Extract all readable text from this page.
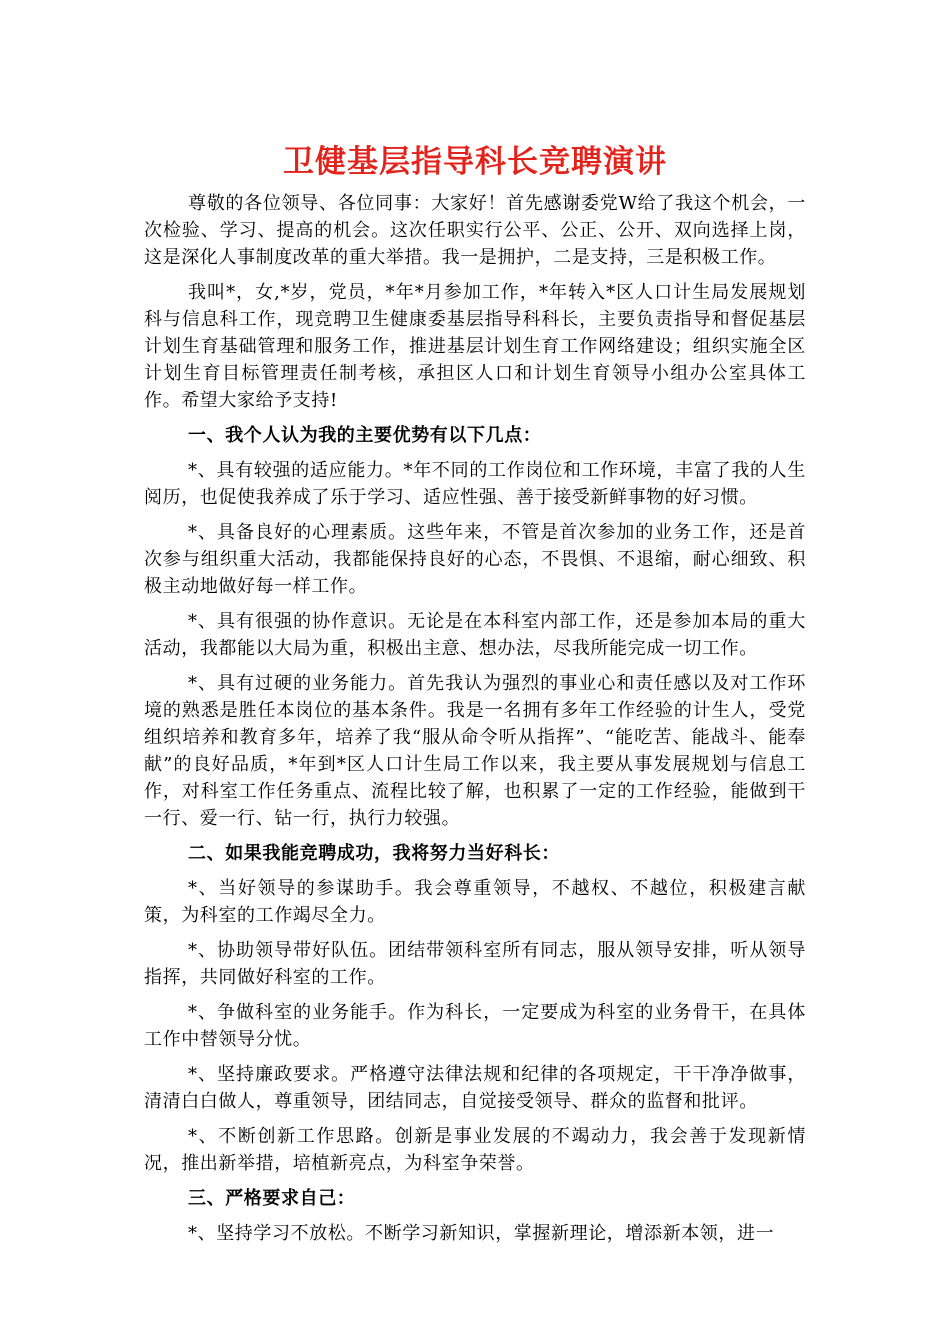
卫健基层指导科长竞聘演讲

尊敬的各位领导、各位同事：大家好！首先感谢委党W给了我这个机会，一次检验、学习、提高的机会。这次任职实行公平、公正、公开、双向选择上岗，这是深化人事制度改革的重大举措。我一是拥护，二是支持，三是积极工作。

我叫*，女,*岁，党员，*年*月参加工作，*年转入*区人口计生局发展规划科与信息科工作，现竞聘卫生健康委基层指导科科长，主要负责指导和督促基层计划生育基础管理和服务工作，推进基层计划生育工作网络建设；组织实施全区计划生育目标管理责任制考核，承担区人口和计划生育领导小组办公室具体工作。希望大家给予支持!

一、我个人认为我的主要优势有以下几点：

*、具有较强的适应能力。*年不同的工作岗位和工作环境，丰富了我的人生阅历，也促使我养成了乐于学习、适应性强、善于接受新鲜事物的好习惯。

*、具备良好的心理素质。这些年来，不管是首次参加的业务工作，还是首次参与组织重大活动，我都能保持良好的心态，不畏惧、不退缩，耐心细致、积极主动地做好每一样工作。

*、具有很强的协作意识。无论是在本科室内部工作，还是参加本局的重大活动，我都能以大局为重，积极出主意、想办法，尽我所能完成一切工作。

*、具有过硬的业务能力。首先我认为强烈的事业心和责任感以及对工作环境的熟悉是胜任本岗位的基本条件。我是一名拥有多年工作经验的计生人，受党组织培养和教育多年，培养了我“服从命令听从指挥”、“能吃苦、能战斗、能奉献”的良好品质，*年到*区人口计生局工作以来，我主要从事发展规划与信息工作，对科室工作任务重点、流程比较了解，也积累了一定的工作经验，能做到干一行、爱一行、钻一行，执行力较强。

二、如果我能竞聘成功，我将努力当好科长：

*、当好领导的参谋助手。我会尊重领导，不越权、不越位，积极建言献策，为科室的工作竭尽全力。

*、协助领导带好队伍。团结带领科室所有同志，服从领导安排，听从领导指挥，共同做好科室的工作。

*、争做科室的业务能手。作为科长，一定要成为科室的业务骨干，在具体工作中替领导分忧。

*、坚持廉政要求。严格遵守法律法规和纪律的各项规定，干干净净做事，清清白白做人，尊重领导，团结同志，自觉接受领导、群众的监督和批评。

*、不断创新工作思路。创新是事业发展的不竭动力，我会善于发现新情况，推出新举措，培植新亮点，为科室争荣誉。

三、严格要求自己：

*、坚持学习不放松。不断学习新知识，掌握新理论，增添新本领，进一
